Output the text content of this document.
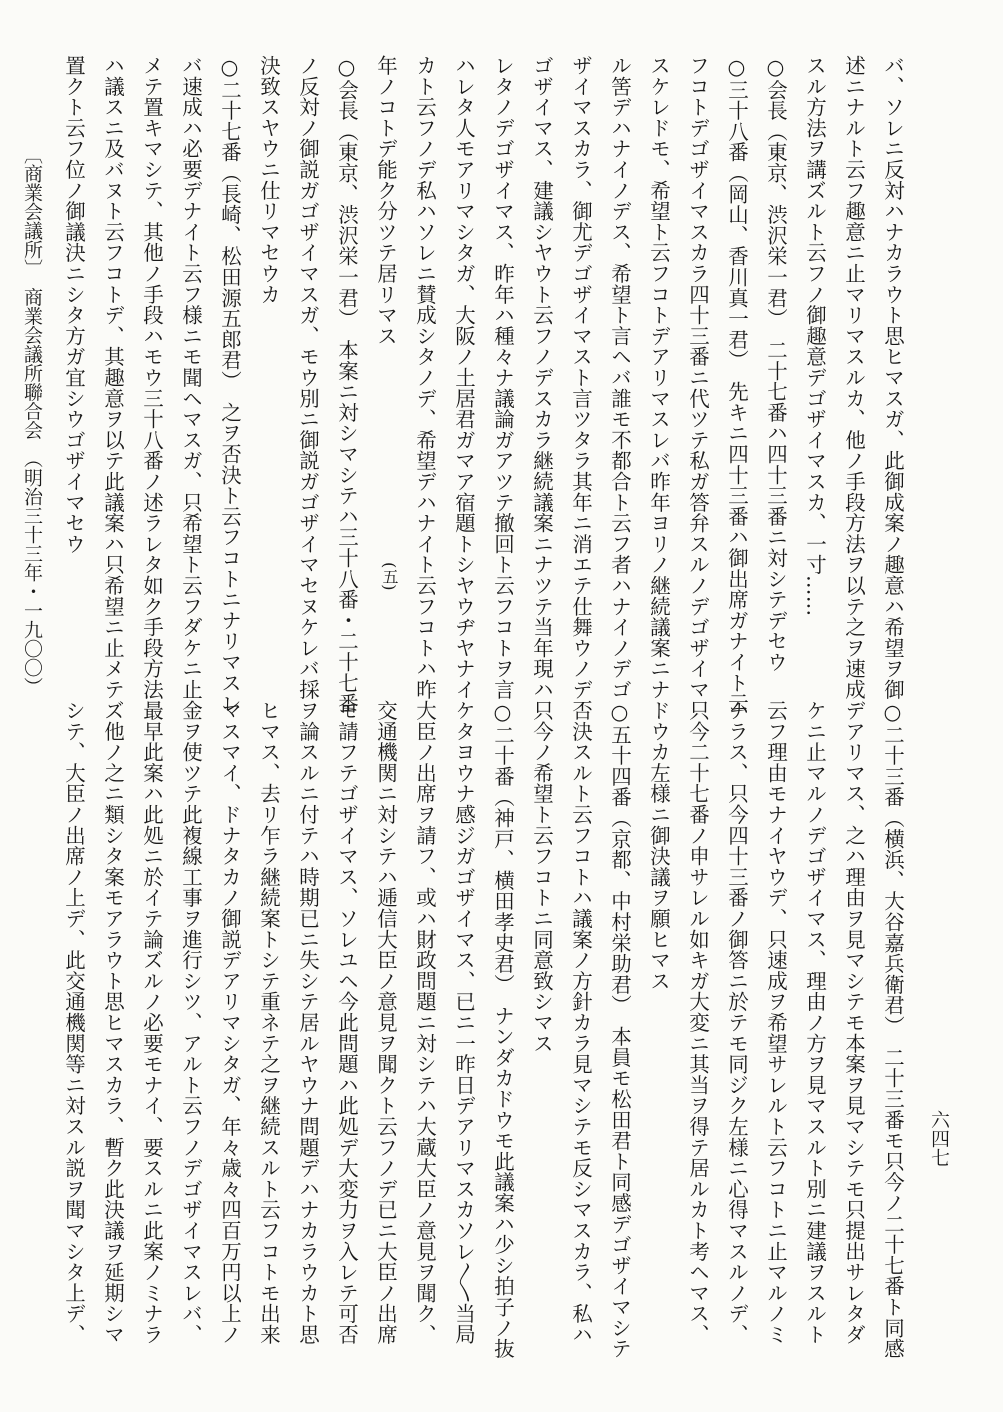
バ、ソレニ反対ハナカラウト思ヒマスガ、此御成案ノ趣意ハ希望ヲ御
述ニナルト云フ趣意ニ止マリマスルカ、他ノ手段方法ヲ以テ之ヲ速成
スル方法ヲ講ズルト云フノ御趣意デゴザイマスカ、一寸……
○会長（東京、渋沢栄一君）　二十七番ハ四十三番ニ対シテデセウ
○三十八番（岡山、香川真一君）　先キニ四十三番ハ御出席ガナイト云
フコトデゴザイマスカラ四十三番ニ代ツテ私ガ答弁スルノデゴザイマ
スケレドモ、希望ト云フコトデアリマスレバ昨年ヨリノ継続議案ニナ
ル筈デハナイノデス、希望ト言ヘバ誰モ不都合ト云フ者ハナイノデゴ
ザイマスカラ、御尤デゴザイマスト言ツタラ其年ニ消エテ仕舞ウノデ
ゴザイマス、建議シヤウト云フノデスカラ継続議案ニナツテ当年現ハ
レタノデゴザイマス、昨年ハ種々ナ議論ガアツテ撤回ト云フコトヲ言
ハレタ人モアリマシタガ、大阪ノ土居君ガマア宿題トシヤウヂヤナイ
カト云フノデ私ハソレニ賛成シタノデ、希望デハナイト云フコトハ昨
年ノコトデ能ク分ツテ居リマス
○会長（東京、渋沢栄一君）　本案ニ対シマシテハ三十八番・二十七番
ノ反対ノ御説ガゴザイマスガ、モウ別ニ御説ガゴザイマセヌケレバ採
決致スヤウニ仕リマセウカ
○二十七番（長崎、松田源五郎君）　之ヲ否決ト云フコトニナリマスレ
バ速成ハ必要デナイト云フ様ニモ聞ヘマスガ、只希望ト云フダケニ止
メテ置キマシテ、其他ノ手段ハモウ三十八番ノ述ラレタ如ク手段方法
ハ議スニ及バヌト云フコトデ、其趣意ヲ以テ此議案ハ只希望ニ止メテ
置クト云フ位ノ御議決ニシタ方ガ宜シウゴザイマセウ
(五)
○二十三番（横浜、大谷嘉兵衛君）　二十三番モ只今ノ二十七番ト同感
デアリマス、之ハ理由ヲ見マシテモ本案ヲ見マシテモ只提出サレタダ
ケニ止マルノデゴザイマス、理由ノ方ヲ見マスルト別ニ建議ヲスルト
云フ理由モナイヤウデ、只速成ヲ希望サレルト云フコトニ止マルノミ
ナラス、只今四十三番ノ御答ニ於テモ同ジク左様ニ心得マスルノデ、
只今二十七番ノ申サレル如キガ大変ニ其当ヲ得テ居ルカト考ヘマス、
ドウカ左様ニ御決議ヲ願ヒマス
○五十四番（京都、中村栄助君）　本員モ松田君ト同感デゴザイマシテ
否決スルト云フコトハ議案ノ方針カラ見マシテモ反シマスカラ、私ハ
只今ノ希望ト云フコトニ同意致シマス
○二十番（神戸、横田孝史君）　ナンダカドウモ此議案ハ少シ拍子ノ抜
ケタヨウナ感ジガゴザイマス、已ニ一昨日デアリマスカソレ〳〵当局
大臣ノ出席ヲ請フ、或ハ財政問題ニ対シテハ大蔵大臣ノ意見ヲ聞ク、
交通機関ニ対シテハ逓信大臣ノ意見ヲ聞クト云フノデ已ニ大臣ノ出席
モ請フテゴザイマス、ソレユヘ今此問題ハ此処デ大変力ヲ入レテ可否
ヲ論スルニ付テハ時期已ニ失シテ居ルヤウナ問題デハナカラウカト思
ヒマス、去リ乍ラ継続案トシテ重ネテ之ヲ継続スルト云フコトモ出来
マスマイ、ドナタカノ御説デアリマシタガ、年々歳々四百万円以上ノ
金ヲ使ツテ此複線工事ヲ進行シツ、アルト云フノデゴザイマスレバ、
最早此案ハ此処ニ於イテ論ズルノ必要モナイ、要スルニ此案ノミナラ
ズ他ノ之ニ類シタ案モアラウト思ヒマスカラ、暫ク此決議ヲ延期シマ
シテ、大臣ノ出席ノ上デ、此交通機関等ニ対スル説ヲ聞マシタ上デ、
〔商業会議所〕　商業会議所聯合会　（明治三十三年・一九〇〇）
六四七
